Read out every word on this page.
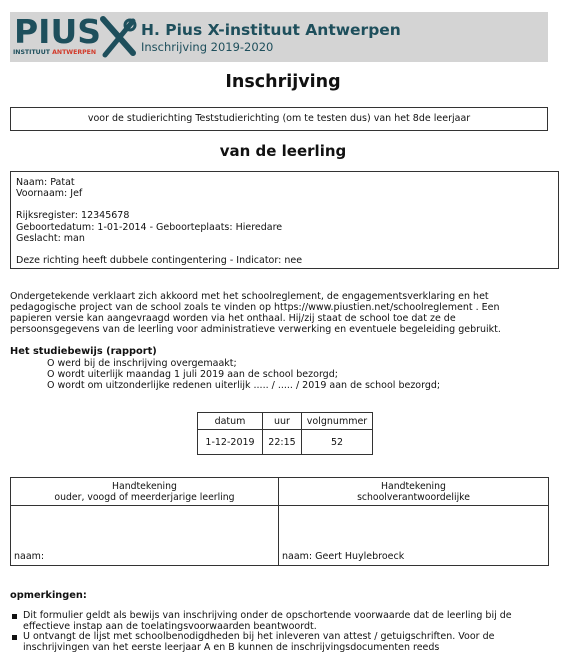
PIUS
INSTITUUT ANTWERPEN
H. Pius X-instituut Antwerpen
Inschrijving 2019-2020
Inschrijving
voor de studierichting Teststudierichting (om te testen dus) van het 8de leerjaar
van de leerling
Naam: Patat
Voornaam: Jef
Rijksregister: 12345678
Geboortedatum: 1-01-2014 - Geboorteplaats: Hieredare
Geslacht: man
Deze richting heeft dubbele contingentering - Indicator: nee
Ondergetekende verklaart zich akkoord met het schoolreglement, de engagementsverklaring en het
pedagogische project van de school zoals te vinden op https://www.piustien.net/schoolreglement . Een
papieren versie kan aangevraagd worden via het onthaal. Hij/zij staat de school toe dat ze de
persoonsgegevens van de leerling voor administratieve verwerking en eventuele begeleiding gebruikt.
Het studiebewijs (rapport)
O werd bij de inschrijving overgemaakt;
O wordt uiterlijk maandag 1 juli 2019 aan de school bezorgd;
O wordt om uitzonderlijke redenen uiterlijk ..... / ..... / 2019 aan de school bezorgd;
datum	uur	volgnummer
1-12-2019	22:15	52
Handtekening
ouder, voogd of meerderjarige leerling
naam:
Handtekening
schoolverantwoordelijke
naam: Geert Huylebroeck
opmerkingen:
Dit formulier geldt als bewijs van inschrijving onder de opschortende voorwaarde dat de leerling bij de
effectieve instap aan de toelatingsvoorwaarden beantwoordt.
U ontvangt de lijst met schoolbenodigdheden bij het inleveren van attest / getuigschriften. Voor de
inschrijvingen van het eerste leerjaar A en B kunnen de inschrijvingsdocumenten reeds
